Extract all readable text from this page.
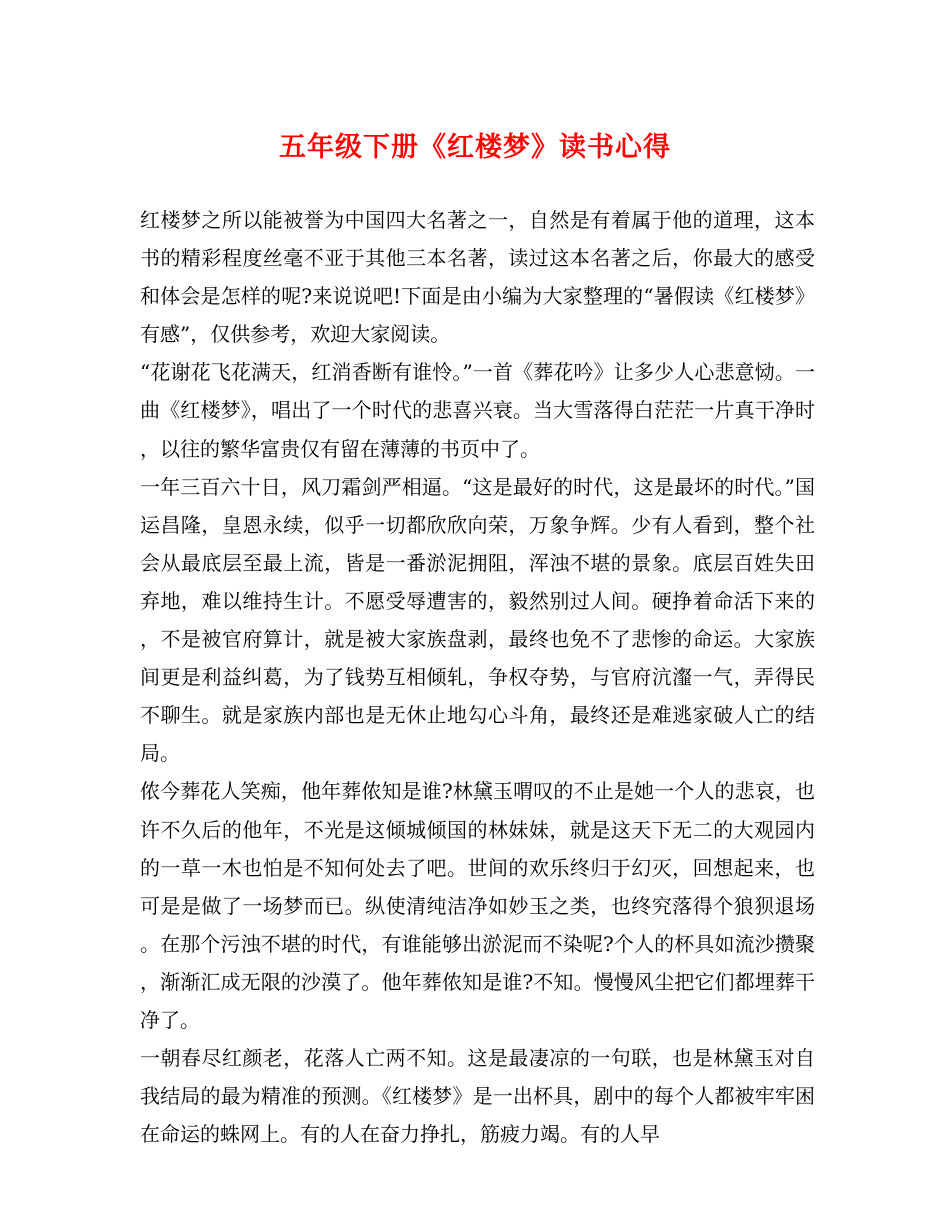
五年级下册《红楼梦》读书心得

红楼梦之所以能被誉为中国四大名著之一，自然是有着属于他的道理，这本书的精彩程度丝毫不亚于其他三本名著，读过这本名著之后，你最大的感受和体会是怎样的呢?来说说吧!下面是由小编为大家整理的“暑假读《红楼梦》有感”，仅供参考，欢迎大家阅读。

“花谢花飞花满天，红消香断有谁怜。”一首《葬花吟》让多少人心悲意恸。一曲《红楼梦》，唱出了一个时代的悲喜兴衰。当大雪落得白茫茫一片真干净时，以往的繁华富贵仅有留在薄薄的书页中了。

一年三百六十日，风刀霜剑严相逼。“这是最好的时代，这是最坏的时代。”国运昌隆，皇恩永续，似乎一切都欣欣向荣，万象争辉。少有人看到，整个社会从最底层至最上流，皆是一番淤泥拥阻，浑浊不堪的景象。底层百姓失田弃地，难以维持生计。不愿受辱遭害的，毅然别过人间。硬挣着命活下来的，不是被官府算计，就是被大家族盘剥，最终也免不了悲惨的命运。大家族间更是利益纠葛，为了钱势互相倾轧，争权夺势，与官府沆瀣一气，弄得民不聊生。就是家族内部也是无休止地勾心斗角，最终还是难逃家破人亡的结局。

侬今葬花人笑痴，他年葬侬知是谁?林黛玉喟叹的不止是她一个人的悲哀，也许不久后的他年，不光是这倾城倾国的林妹妹，就是这天下无二的大观园内的一草一木也怕是不知何处去了吧。世间的欢乐终归于幻灭，回想起来，也可是是做了一场梦而已。纵使清纯洁净如妙玉之类，也终究落得个狼狈退场。在那个污浊不堪的时代，有谁能够出淤泥而不染呢?个人的杯具如流沙攒聚，渐渐汇成无限的沙漠了。他年葬侬知是谁?不知。慢慢风尘把它们都埋葬干净了。

一朝春尽红颜老，花落人亡两不知。这是最凄凉的一句联，也是林黛玉对自我结局的最为精准的预测。《红楼梦》是一出杯具，剧中的每个人都被牢牢困在命运的蛛网上。有的人在奋力挣扎，筋疲力竭。有的人早
